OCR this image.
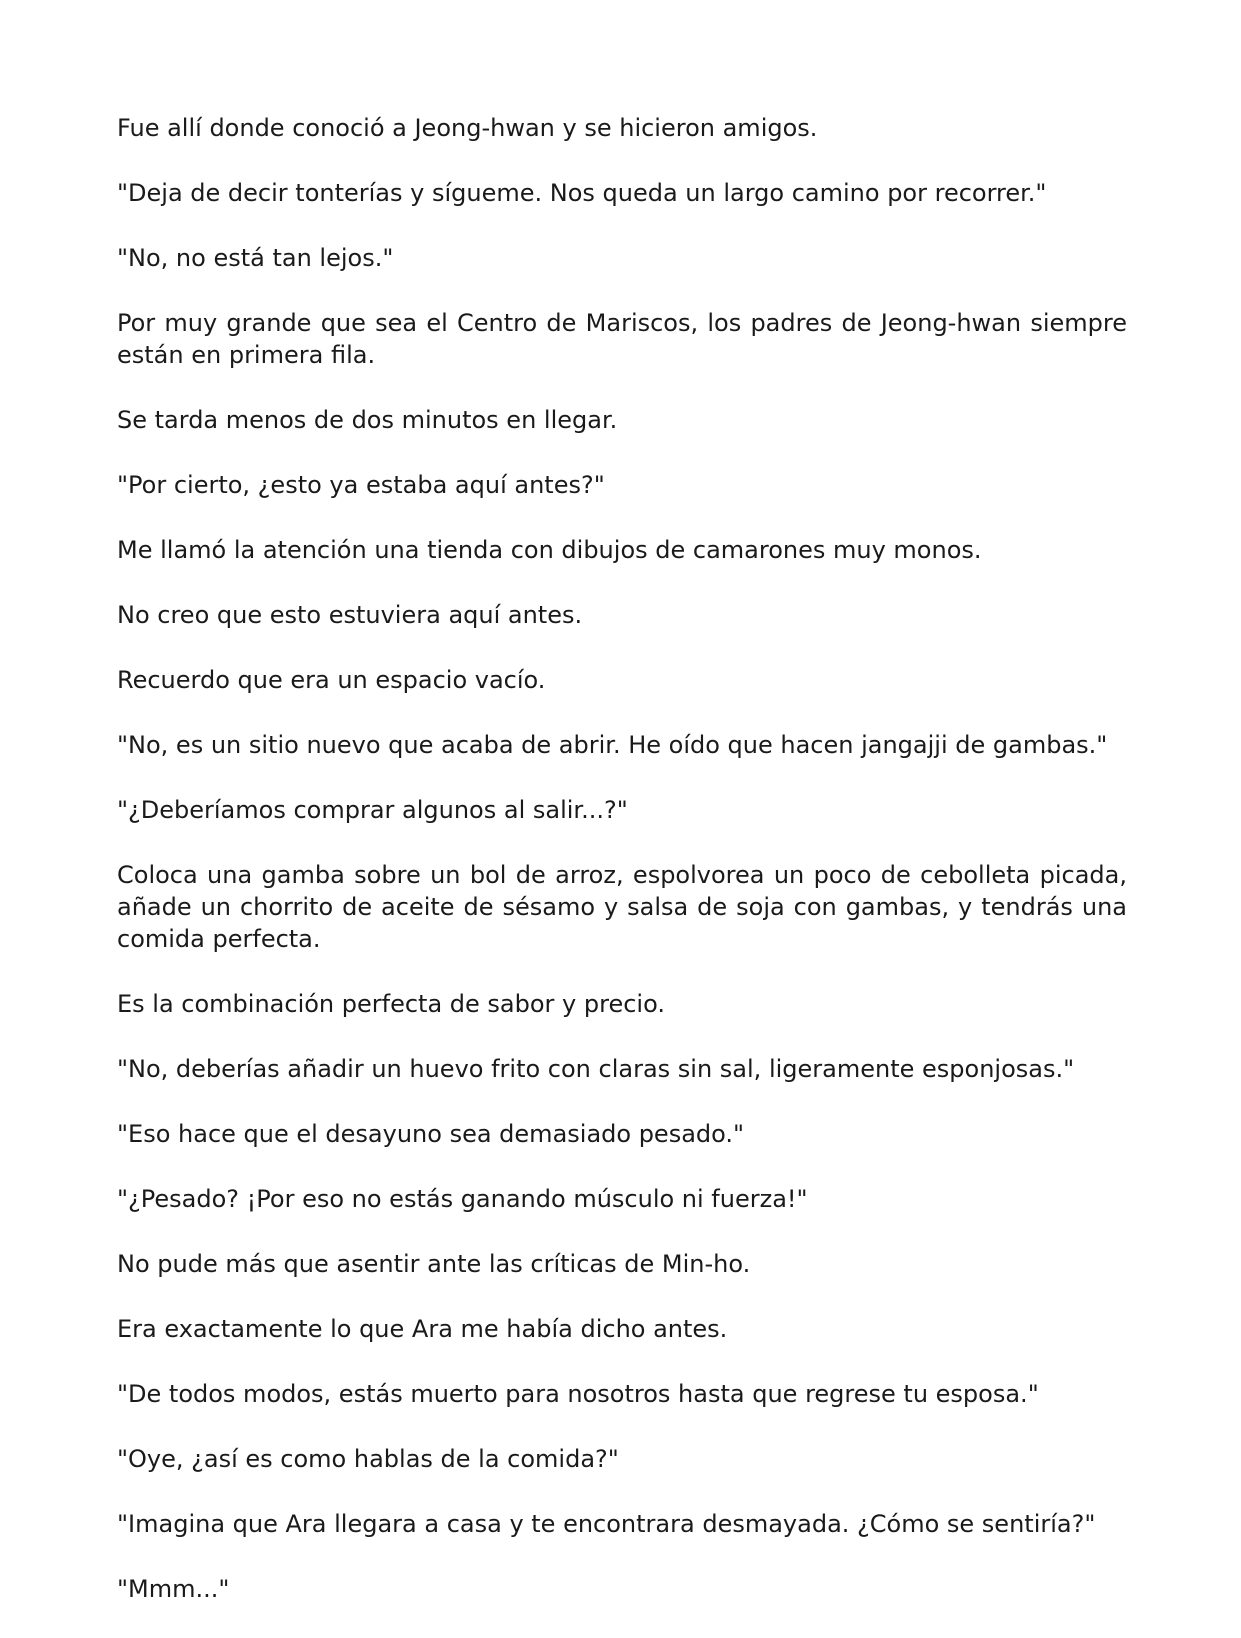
Fue allí donde conoció a Jeong-hwan y se hicieron amigos.

"Deja de decir tonterías y sígueme. Nos queda un largo camino por recorrer."

"No, no está tan lejos."

Por muy grande que sea el Centro de Mariscos, los padres de Jeong-hwan siempre están en primera fila.

Se tarda menos de dos minutos en llegar.

"Por cierto, ¿esto ya estaba aquí antes?"

Me llamó la atención una tienda con dibujos de camarones muy monos.

No creo que esto estuviera aquí antes.

Recuerdo que era un espacio vacío.

"No, es un sitio nuevo que acaba de abrir. He oído que hacen jangajji de gambas."

"¿Deberíamos comprar algunos al salir...?"

Coloca una gamba sobre un bol de arroz, espolvorea un poco de cebolleta picada, añade un chorrito de aceite de sésamo y salsa de soja con gambas, y tendrás una comida perfecta.

Es la combinación perfecta de sabor y precio.

"No, deberías añadir un huevo frito con claras sin sal, ligeramente esponjosas."

"Eso hace que el desayuno sea demasiado pesado."

"¿Pesado? ¡Por eso no estás ganando músculo ni fuerza!"

No pude más que asentir ante las críticas de Min-ho.

Era exactamente lo que Ara me había dicho antes.

"De todos modos, estás muerto para nosotros hasta que regrese tu esposa."

"Oye, ¿así es como hablas de la comida?"

"Imagina que Ara llegara a casa y te encontrara desmayada. ¿Cómo se sentiría?"

"Mmm..."
